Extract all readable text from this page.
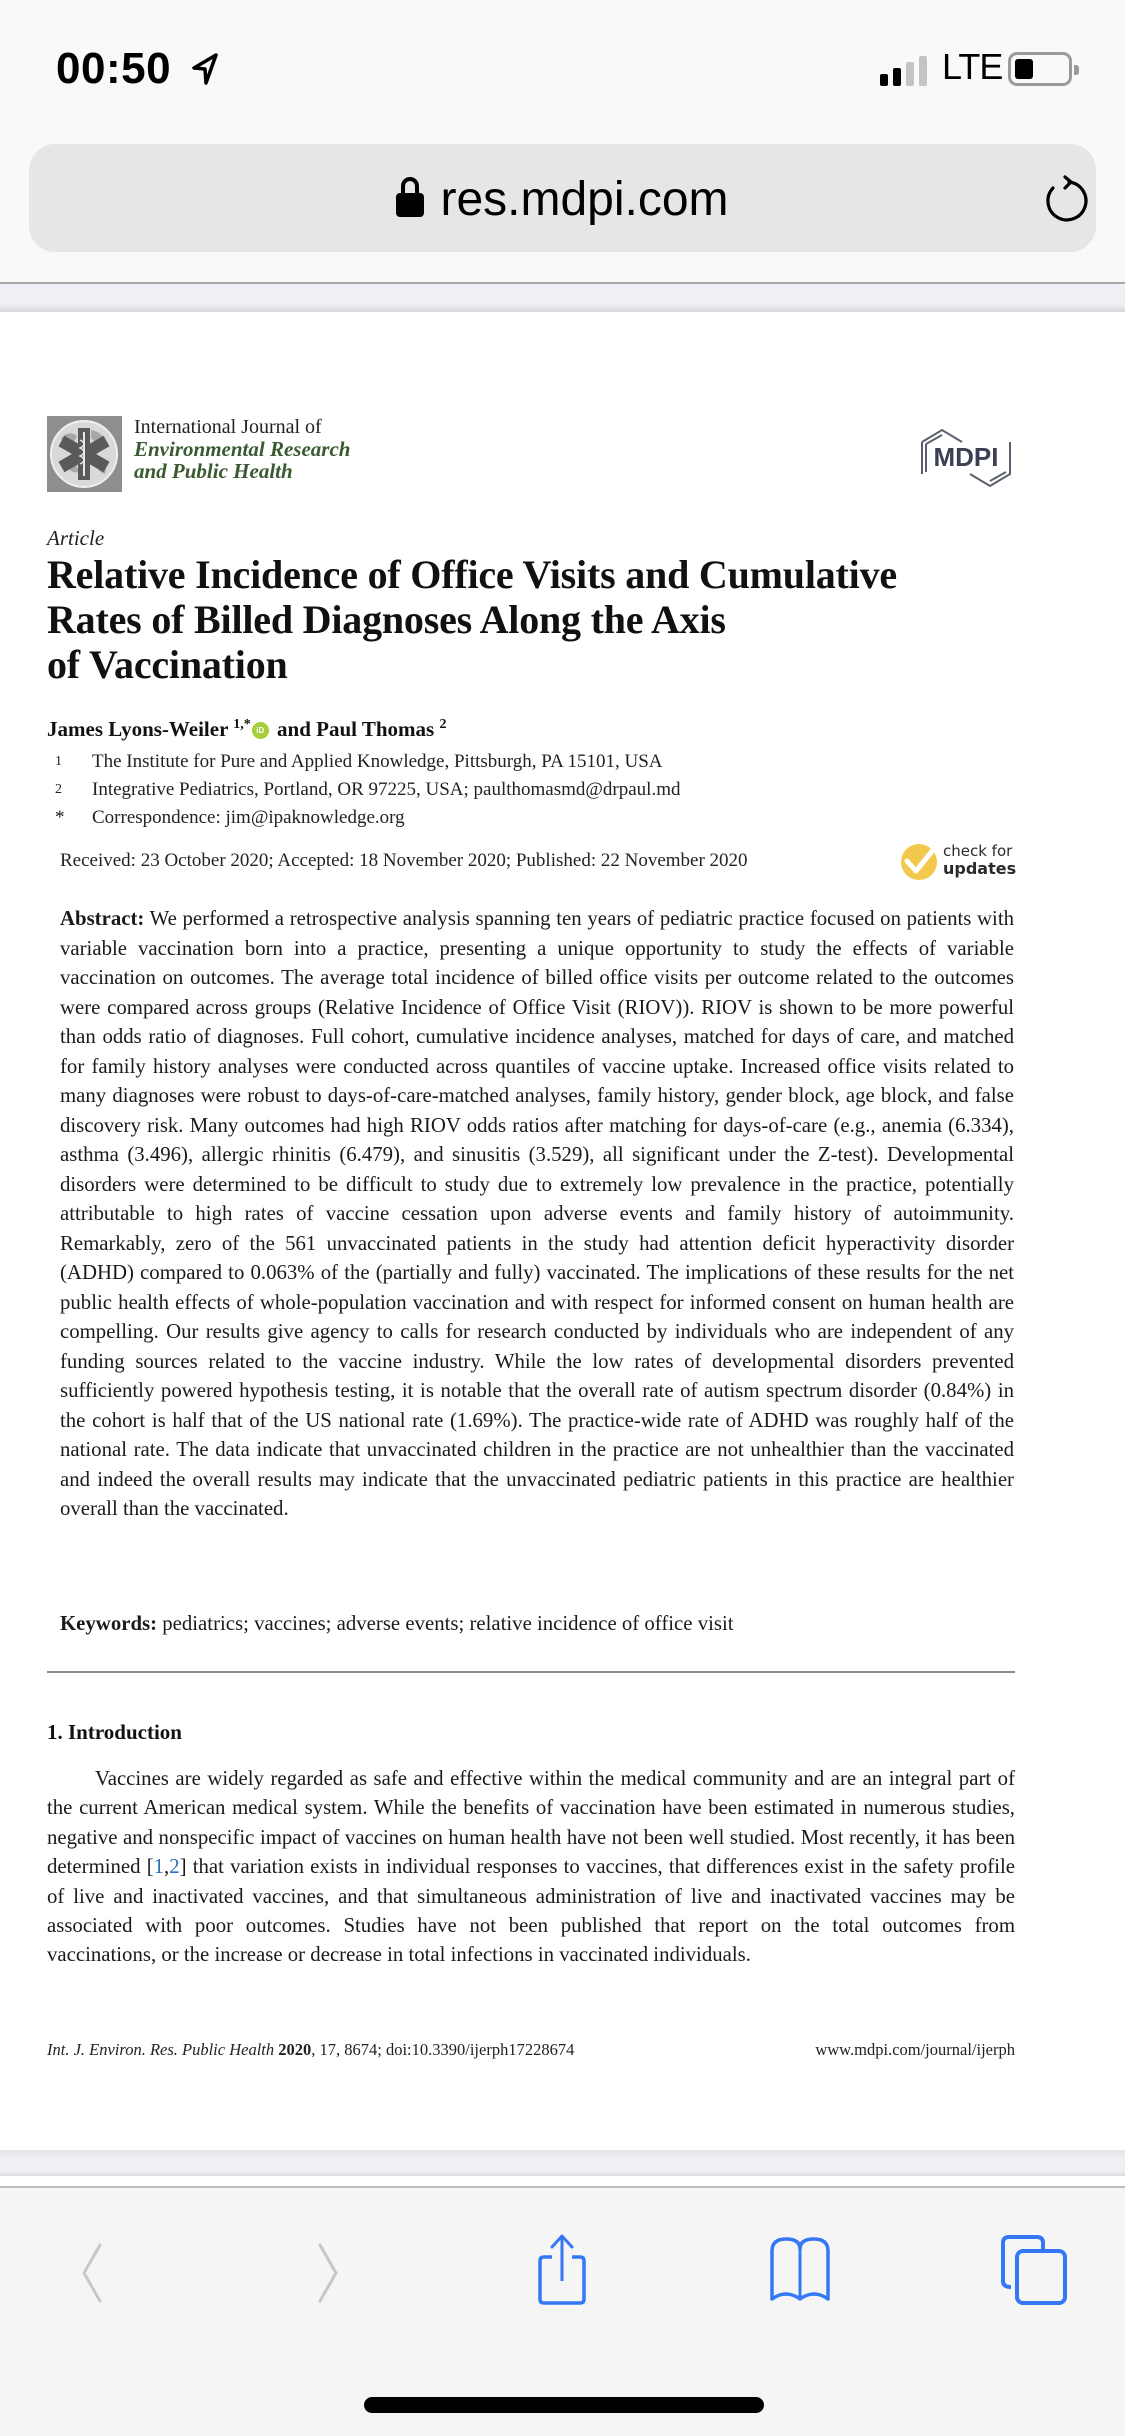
00:50	LTE
res.mdpi.com
International Journal of
Environmental Research
and Public Health	MDPI
Article
Relative Incidence of Office Visits and Cumulative
Rates of Billed Diagnoses Along the Axis
of Vaccination
James Lyons-Weiler $^{1,*}$ iD and Paul Thomas $^2$
1	The Institute for Pure and Applied Knowledge, Pittsburgh, PA 15101, USA
2	Integrative Pediatrics, Portland, OR 97225, USA; paulthomasmd@drpaul.md
*	Correspondence: jim@ipaknowledge.org
Received: 23 October 2020; Accepted: 18 November 2020; Published: 22 November 2020	check for
updates

Abstract: We performed a retrospective analysis spanning ten years of pediatric practice focused on patients with variable vaccination born into a practice, presenting a unique opportunity to study the effects of variable vaccination on outcomes. The average total incidence of billed office visits per outcome related to the outcomes were compared across groups (Relative Incidence of Office Visit (RIOV)). RIOV is shown to be more powerful than odds ratio of diagnoses. Full cohort, cumulative incidence analyses, matched for days of care, and matched for family history analyses were conducted across quantiles of vaccine uptake. Increased office visits related to many diagnoses were robust to days-of-care-matched analyses, family history, gender block, age block, and false discovery risk. Many outcomes had high RIOV odds ratios after matching for days-of-care (e.g., anemia (6.334), asthma (3.496), allergic rhinitis (6.479), and sinusitis (3.529), all significant under the Z-test). Developmental disorders were determined to be difficult to study due to extremely low prevalence in the practice, potentially attributable to high rates of vaccine cessation upon adverse events and family history of autoimmunity. Remarkably, zero of the 561 unvaccinated patients in the study had attention deficit hyperactivity disorder (ADHD) compared to 0.063% of the (partially and fully) vaccinated. The implications of these results for the net public health effects of whole-population vaccination and with respect for informed consent on human health are compelling. Our results give agency to calls for research conducted by individuals who are independent of any funding sources related to the vaccine industry. While the low rates of developmental disorders prevented sufficiently powered hypothesis testing, it is notable that the overall rate of autism spectrum disorder (0.84%) in the cohort is half that of the US national rate (1.69%). The practice-wide rate of ADHD was roughly half of the national rate. The data indicate that unvaccinated children in the practice are not unhealthier than the vaccinated and indeed the overall results may indicate that the unvaccinated pediatric patients in this practice are healthier overall than the vaccinated.

Keywords: pediatrics; vaccines; adverse events; relative incidence of office visit

1. Introduction

Vaccines are widely regarded as safe and effective within the medical community and are an integral part of the current American medical system. While the benefits of vaccination have been estimated in numerous studies, negative and nonspecific impact of vaccines on human health have not been well studied. Most recently, it has been determined [1,2] that variation exists in individual responses to vaccines, that differences exist in the safety profile of live and inactivated vaccines, and that simultaneous administration of live and inactivated vaccines may be associated with poor outcomes. Studies have not been published that report on the total outcomes from vaccinations, or the increase or decrease in total infections in vaccinated individuals.

Int. J. Environ. Res. Public Health 2020, 17, 8674; doi:10.3390/ijerph17228674	www.mdpi.com/journal/ijerph
